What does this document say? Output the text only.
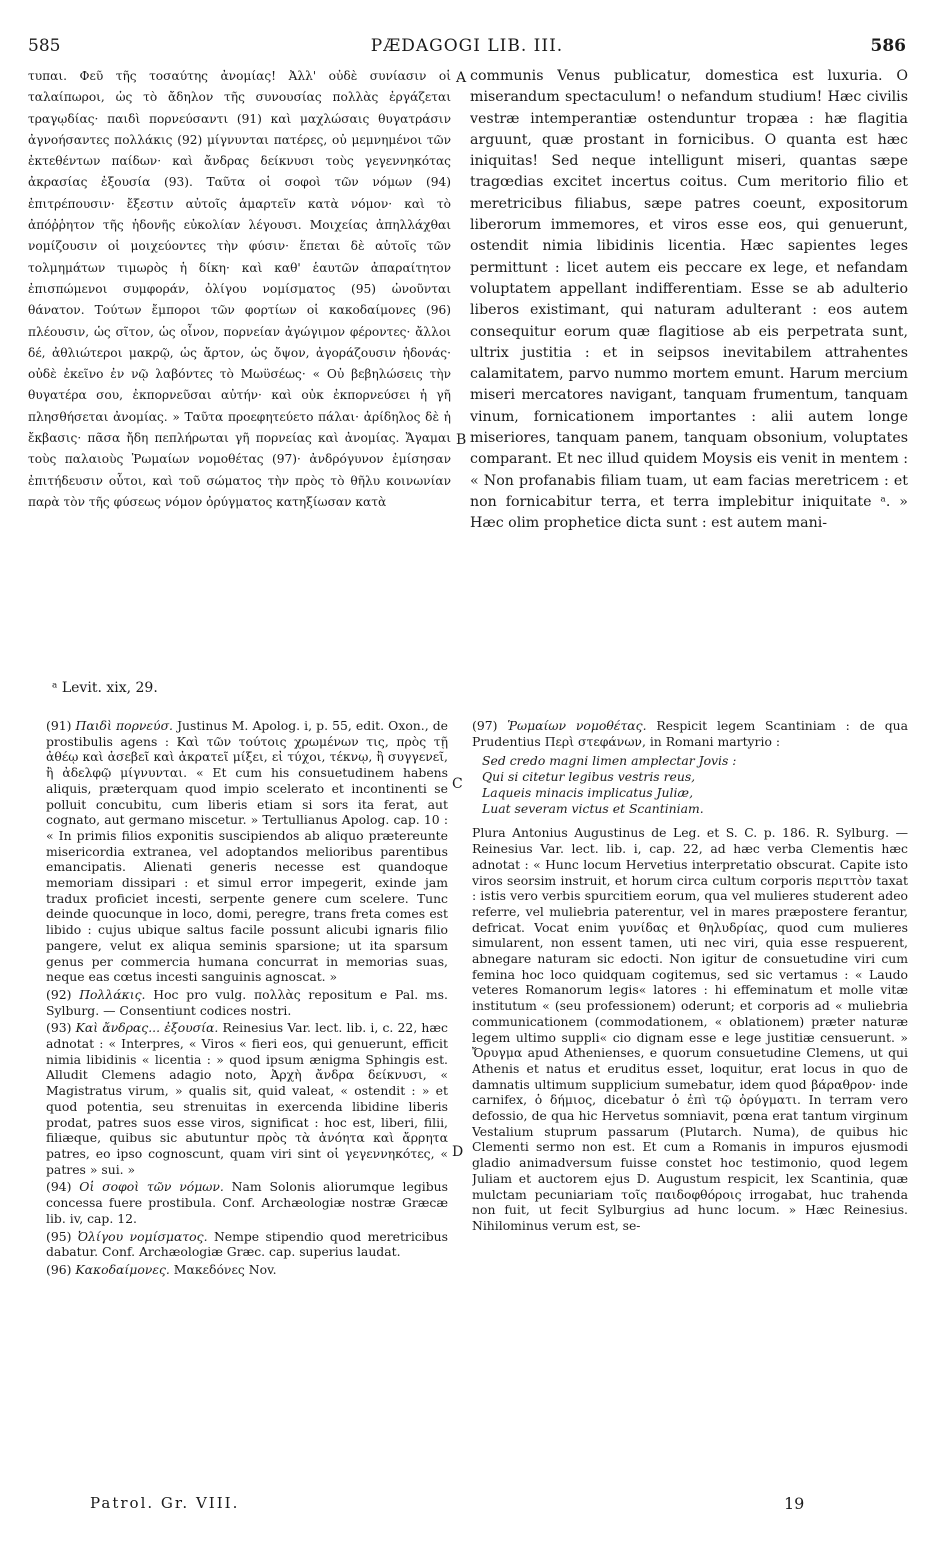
585	PÆDAGOGI LIB. III.	586

τυπαι. Φεῦ τῆς τοσαύτης ἀνομίας! Ἀλλ' οὐδὲ συνίασιν οἱ ταλαίπωροι, ὡς τὸ ἄδηλον τῆς συνουσίας πολλὰς ἐργάζεται τραγῳδίας· παιδὶ πορνεύσαντι (91) καὶ μαχλώσαις θυγατράσιν ἀγνοήσαντες πολλάκις (92) μίγνυνται πατέρες, οὐ μεμνημένοι τῶν ἐκτεθέντων παίδων· καὶ ἄνδρας δείκνυσι τοὺς γεγεννηκότας ἀκρασίας ἐξουσία (93). Ταῦτα οἱ σοφοὶ τῶν νόμων (94) ἐπιτρέπουσιν· ἔξεστιν αὐτοῖς ἁμαρτεῖν κατὰ νόμον· καὶ τὸ ἀπόῤῥητον τῆς ἡδονῆς εὐκολίαν λέγουσι. Μοιχείας ἀπηλλάχθαι νομίζουσιν οἱ μοιχεύοντες τὴν φύσιν· ἕπεται δὲ αὐτοῖς τῶν τολμημάτων τιμωρὸς ἡ δίκη· καὶ καθ' ἑαυτῶν ἀπαραίτητον ἐπισπώμενοι συμφοράν, ὀλίγου νομίσματος (95) ὠνοῦνται θάνατον. Τούτων ἔμποροι τῶν φορτίων οἱ κακοδαίμονες (96) πλέουσιν, ὡς σῖτον, ὡς οἶνον, πορνείαν ἀγώγιμον φέροντες· ἄλλοι δέ, ἀθλιώτεροι μακρῷ, ὡς ἄρτον, ὡς ὄψον, ἀγοράζουσιν ἡδονάς· οὐδὲ ἐκεῖνο ἐν νῷ λαβόντες τὸ Μωϋσέως· « Οὐ βεβηλώσεις τὴν θυγατέρα σου, ἐκπορνεῦσαι αὐτήν· καὶ οὐκ ἐκπορνεύσει ἡ γῆ πλησθήσεται ἀνομίας. » Ταῦτα προεφητεύετο πάλαι· ἀρίδηλος δὲ ἡ ἔκβασις· πᾶσα ἤδη πεπλήρωται γῆ πορνείας καὶ ἀνομίας. Ἄγαμαι τοὺς παλαιοὺς Ῥωμαίων νομοθέτας (97)· ἀνδρόγυνον ἐμίσησαν ἐπιτήδευσιν οὗτοι, καὶ τοῦ σώματος τὴν πρὸς τὸ θῆλυ κοινωνίαν παρὰ τὸν τῆς φύσεως νόμον ὀρύγματος κατηξίωσαν κατὰ

communis Venus publicatur, domestica est luxuria. O miserandum spectaculum! o nefandum studium! Hæc civilis vestræ intemperantiæ ostenduntur tropæa : hæ flagitia arguunt, quæ prostant in fornicibus. O quanta est hæc iniquitas! Sed neque intelligunt miseri, quantas sæpe tragœdias excitet incertus coitus. Cum meritorio filio et meretricibus filiabus, sæpe patres coeunt, expositorum liberorum immemores, et viros esse eos, qui genuerunt, ostendit nimia libidinis licentia. Hæc sapientes leges permittunt : licet autem eis peccare ex lege, et nefandam voluptatem appellant indifferentiam. Esse se ab adulterio liberos existimant, qui naturam adulterant : eos autem consequitur eorum quæ flagitiose ab eis perpetrata sunt, ultrix justitia : et in seipsos inevitabilem attrahentes calamitatem, parvo nummo mortem emunt. Harum mercium miseri mercatores navigant, tanquam frumentum, tanquam vinum, fornicationem importantes : alii autem longe miseriores, tanquam panem, tanquam obsonium, voluptates comparant. Et nec illud quidem Moysis eis venit in mentem : « Non profanabis filiam tuam, ut eam facias meretricem : et non fornicabitur terra, et terra implebitur iniquitate ᵃ. » Hæc olim prophetice dicta sunt : est autem mani-

A
B
C
D
ᵃ Levit. xix, 29.

(91) Παιδὶ πορνεύσ. Justinus M. Apolog. i, p. 55, edit. Oxon., de prostibulis agens : Καὶ τῶν τούτοις χρωμένων τις, πρὸς τῇ ἀθέῳ καὶ ἀσεβεῖ καὶ ἀκρατεῖ μίξει, εἰ τύχοι, τέκνῳ, ἢ συγγενεῖ, ἢ ἀδελφῷ μίγνυνται. « Et cum his consuetudinem habens aliquis, præterquam quod impio scelerato et incontinenti se polluit concubitu, cum liberis etiam si sors ita ferat, aut cognato, aut germano miscetur. » Tertullianus Apolog. cap. 10 : « In primis filios exponitis suscipiendos ab aliquo prætereunte misericordia extranea, vel adoptandos melioribus parentibus emancipatis. Alienati generis necesse est quandoque memoriam dissipari : et simul error impegerit, exinde jam tradux proficiet incesti, serpente genere cum scelere. Tunc deinde quocunque in loco, domi, peregre, trans freta comes est libido : cujus ubique saltus facile possunt alicubi ignaris filio pangere, velut ex aliqua seminis sparsione; ut ita sparsum genus per commercia humana concurrat in memorias suas, neque eas cœtus incesti sanguinis agnoscat. »

(92) Πολλάκις. Hoc pro vulg. πολλὰς repositum e Pal. ms. Sylburg. — Consentiunt codices nostri.

(93) Καὶ ἄνδρας... ἐξουσία. Reinesius Var. lect. lib. i, c. 22, hæc adnotat : « Interpres, « Viros « fieri eos, qui genuerunt, efficit nimia libidinis « licentia : » quod ipsum ænigma Sphingis est. Alludit Clemens adagio noto, Ἀρχὴ ἄνδρα δείκνυσι, « Magistratus virum, » qualis sit, quid valeat, « ostendit : » et quod potentia, seu strenuitas in exercenda libidine liberis prodat, patres suos esse viros, significat : hoc est, liberi, filii, filiæque, quibus sic abutuntur πρὸς τὰ ἀνόητα καὶ ἄρρητα patres, eo ipso cognoscunt, quam viri sint οἱ γεγεννηκότες, « patres » sui. »

(94) Οἱ σοφοὶ τῶν νόμων. Nam Solonis aliorumque legibus concessa fuere prostibula. Conf. Archæologiæ nostræ Græcæ lib. iv, cap. 12.

(95) Ὀλίγου νομίσματος. Nempe stipendio quod meretricibus dabatur. Conf. Archæologiæ Græc. cap. superius laudat.

(96) Κακοδαίμονες. Μακεδόνες Nov.

(97) Ῥωμαίων νομοθέτας. Respicit legem Scantiniam : de qua Prudentius Περὶ στεφάνων, in Romani martyrio :

Sed credo magni limen amplectar Jovis :
Qui si citetur legibus vestris reus,
Laqueis minacis implicatus Juliæ,
Luat severam victus et Scantiniam.

Plura Antonius Augustinus de Leg. et S. C. p. 186. R. Sylburg. — Reinesius Var. lect. lib. i, cap. 22, ad hæc verba Clementis hæc adnotat : « Hunc locum Hervetius interpretatio obscurat. Capite isto viros seorsim instruit, et horum circa cultum corporis περιττὸν taxat : istis vero verbis spurcitiem eorum, qua vel mulieres studerent adeo referre, vel muliebria paterentur, vel in mares præpostere ferantur, defricat. Vocat enim γυνίδας et θηλυδρίας, quod cum mulieres simularent, non essent tamen, uti nec viri, quia esse respuerent, abnegare naturam sic edocti. Non igitur de consuetudine viri cum femina hoc loco quidquam cogitemus, sed sic vertamus : « Laudo veteres Romanorum legis« latores : hi effeminatum et molle vitæ institutum « (seu professionem) oderunt; et corporis ad « muliebria communicationem (commodationem, « oblationem) præter naturæ legem ultimo suppli« cio dignam esse e lege justitiæ censuerunt. » Ὄρυγμα apud Athenienses, e quorum consuetudine Clemens, ut qui Athenis et natus et eruditus esset, loquitur, erat locus in quo de damnatis ultimum supplicium sumebatur, idem quod βάραθρον· inde carnifex, ὁ δήμιος, dicebatur ὁ ἐπὶ τῷ ὀρύγματι. In terram vero defossio, de qua hic Hervetus somniavit, pœna erat tantum virginum Vestalium stuprum passarum (Plutarch. Numa), de quibus hic Clementi sermo non est. Et cum a Romanis in impuros ejusmodi gladio animadversum fuisse constet hoc testimonio, quod legem Juliam et auctorem ejus D. Augustum respicit, lex Scantinia, quæ mulctam pecuniariam τοῖς παιδοφθόροις irrogabat, huc trahenda non fuit, ut fecit Sylburgius ad hunc locum. » Hæc Reinesius. Nihilominus verum est, se-

Patrol. Gr. VIII.	19
